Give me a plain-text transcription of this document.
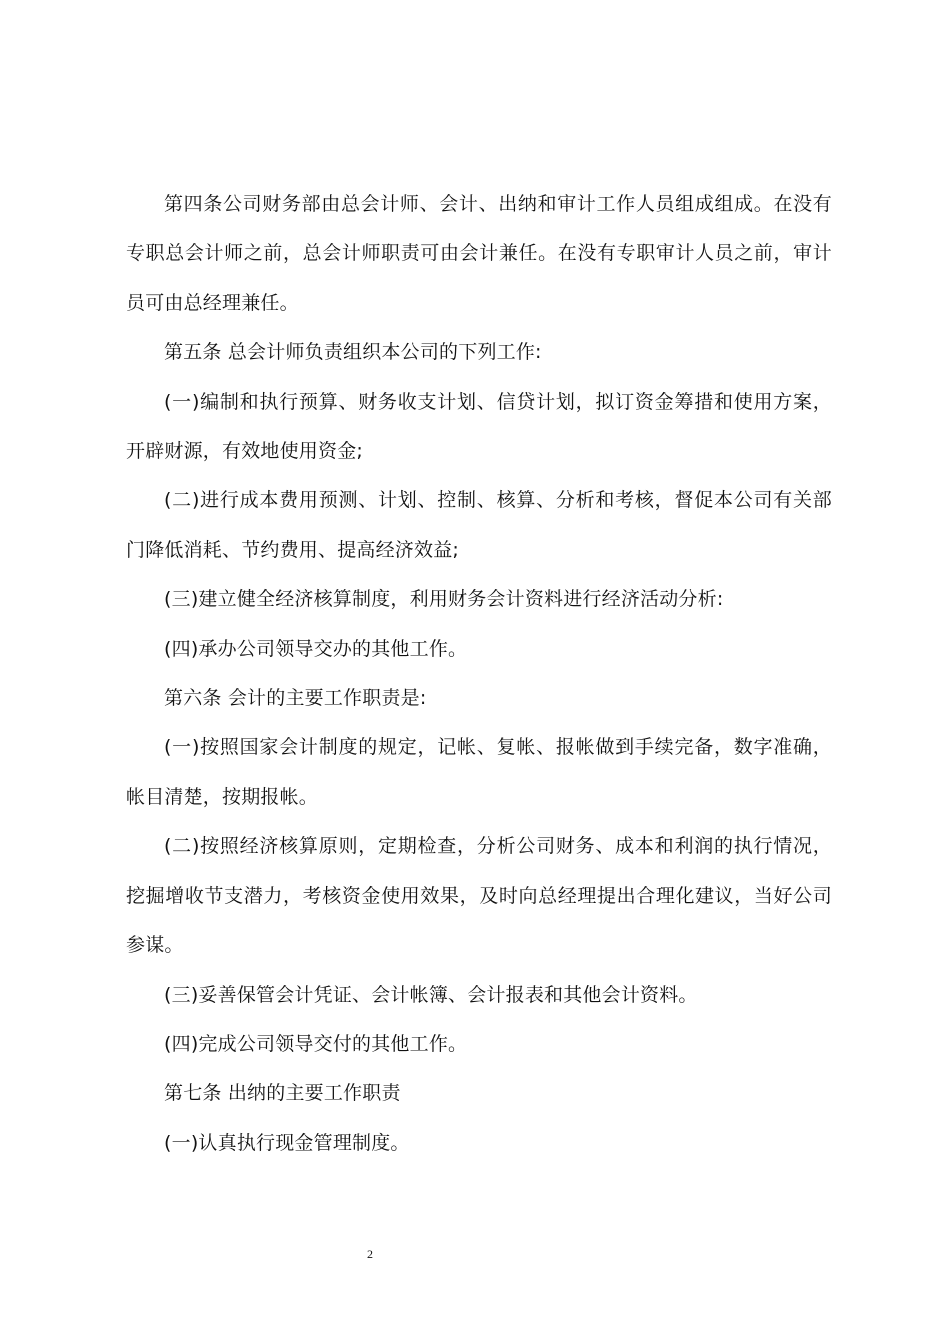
第四条公司财务部由总会计师、会计、出纳和审计工作人员组成组成。在没有专职总会计师之前，总会计师职责可由会计兼任。在没有专职审计人员之前，审计员可由总经理兼任。

第五条 总会计师负责组织本公司的下列工作:

(一)编制和执行预算、财务收支计划、信贷计划，拟订资金筹措和使用方案，开辟财源，有效地使用资金;

(二)进行成本费用预测、计划、控制、核算、分析和考核，督促本公司有关部门降低消耗、节约费用、提高经济效益;

(三)建立健全经济核算制度，利用财务会计资料进行经济活动分析:

(四)承办公司领导交办的其他工作。

第六条 会计的主要工作职责是:

(一)按照国家会计制度的规定，记帐、复帐、报帐做到手续完备，数字准确，帐目清楚，按期报帐。

(二)按照经济核算原则，定期检查，分析公司财务、成本和利润的执行情况，挖掘增收节支潜力，考核资金使用效果，及时向总经理提出合理化建议，当好公司参谋。

(三)妥善保管会计凭证、会计帐簿、会计报表和其他会计资料。

(四)完成公司领导交付的其他工作。

第七条 出纳的主要工作职责

(一)认真执行现金管理制度。

2
